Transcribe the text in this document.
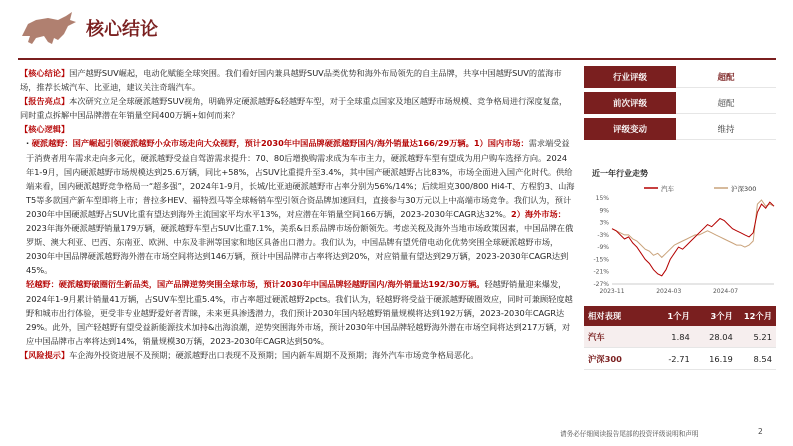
核心结论

【核心结论】国产越野SUV崛起，电动化赋能全球突围。我们看好国内兼具越野SUV品类优势和海外布局领先的自主品牌，共享中国越野SUV的蓝海市场，推荐长城汽车、比亚迪，建议关注奇瑞汽车。

【报告亮点】本次研究立足全球硬派越野SUV视角，明确界定硬派越野&轻越野车型，对于全球重点国家及地区越野市场规模、竞争格局进行深度复盘，同时重点拆解中国品牌潜在年销量空间400万辆+如何而来？

【核心逻辑】

· 硬派越野：国产崛起引领硬派越野小众市场走向大众视野，预计2030年中国品牌硬派越野国内/海外销量达166/29万辆。1）国内市场：需求端受益于消费者用车需求走向多元化，硬派越野受益自驾游需求提升：70、80后增换购需求成为车市主力，硬派越野车型有望成为用户购车选择方向。2024年1-9月，国内硬派越野市场规模达到25.6万辆，同比+58%，占SUV比重提升至3.4%，其中国产硬派越野占比83%，市场全面进入国产化时代。供给端来看，国内硬派越野竞争格局一“超多强”，2024年1-9月，长城/比亚迪硬派越野市占率分别为56%/14%；后续坦克300/800 Hi4-T、方程豹3、山海T5等多款国产新车型即将上市；普拉多HEV、福特烈马等全球畅销车型引领合资品牌加速回归，直接参与30万元以上中高端市场竞争。我们认为，预计2030年中国硬派越野占SUV比重有望达到海外主流国家平均水平13%，对应潜在年销量空间166万辆，2023-2030年CAGR达32%。2）海外市场：2023年海外硬派越野销量179万辆，硬派越野车型占SUV比重7.1%，美系&日系品牌市场份额领先。考虑关税及海外当地市场政策因素，中国品牌在俄罗斯、澳大利亚、巴西、东南亚、欧洲、中东及非洲等国家和地区具备出口潜力。我们认为，中国品牌有望凭借电动化优势突围全球硬派越野市场，2030年中国品牌硬派越野海外潜在市场空间将达到146万辆，预计中国品牌市占率将达到20%，对应销量有望达到29万辆，2023-2030年CAGR达到45%。

轻越野：硬派越野破圈衍生新品类，国产品牌逆势突围全球市场，预计2030年中国品牌轻越野国内/海外销量达192/30万辆。轻越野销量迎来爆发，2024年1-9月累计销量41万辆，占SUV车型比重5.4%，市占率超过硬派越野2pcts。我们认为，轻越野将受益于硬派越野破圈效应，同时可兼顾轻度越野和城市出行体验，更受非专业越野爱好者青睐，未来更具渗透潜力，我们预计2030年国内轻越野销量规模将达到192万辆，2023-2030年CAGR达29%。此外，国产轻越野有望受益新能源技术加持&出海浪潮，逆势突围海外市场，预计2030年中国品牌轻越野海外潜在市场空间将达到217万辆，对应中国品牌市占率将达到14%，销量规模30万辆，2023-2030年CAGR达到50%。

【风险提示】车企海外投资进展不及预期；硬派越野出口表现不及预期；国内新车周期不及预期；海外汽车市场竞争格局恶化。

行业评级	超配
前次评级	超配
评级变动	维持
近一年行业走势
汽车	沪深300
15%
9%
3%
-3%
-9%
-15%
-21%
-27%
2023-11	2024-03	2024-07
相对表现	1个月	3个月	12个月
汽车	1.84	28.04	5.21
沪深300	-2.71	16.19	8.54
请务必仔细阅读报告尾部的投资评级说明和声明	2
